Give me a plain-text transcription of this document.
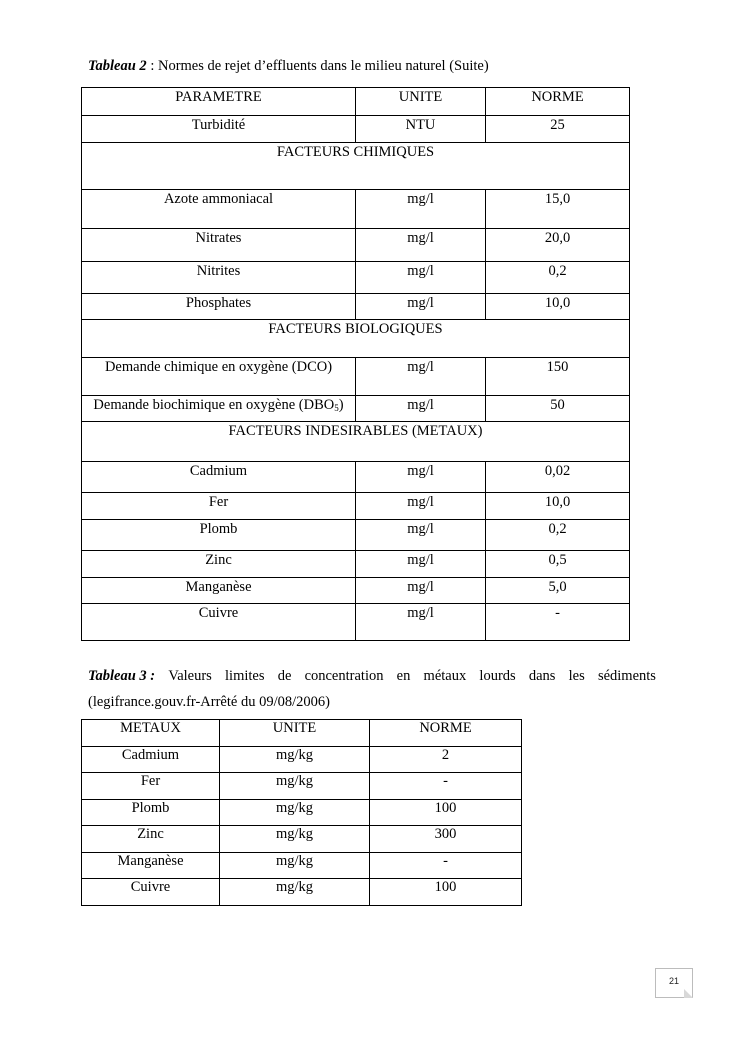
Tableau 2 : Normes de rejet d’effluents dans le milieu naturel (Suite)
PARAMETRE	UNITE	NORME

Turbidité	NTU	25

FACTEURS CHIMIQUES		

Azote ammoniacal	mg/l	15,0

Nitrates	mg/l	20,0

Nitrites	mg/l	0,2

Phosphates	mg/l	10,0

FACTEURS BIOLOGIQUES		

Demande chimique en oxygène (DCO)	mg/l	150

Demande biochimique en oxygène $(DBO_5)$	mg/l	50

FACTEURS INDESIRABLES (METAUX)		

Cadmium	mg/l	0,02

Fer	mg/l	10,0

Plomb	mg/l	0,2

Zinc	mg/l	0,5

Manganèse	mg/l	5,0

Cuivre	mg/l	-
Tableau 3 : Valeurs limites de concentration en métaux lourds dans les sédiments
(legifrance.gouv.fr-Arrêté du 09/08/2006)
METAUX	UNITE	NORME

Cadmium	mg/kg	2

Fer	mg/kg	-

Plomb	mg/kg	100

Zinc	mg/kg	300

Manganèse	mg/kg	-

Cuivre	mg/kg	100
21
